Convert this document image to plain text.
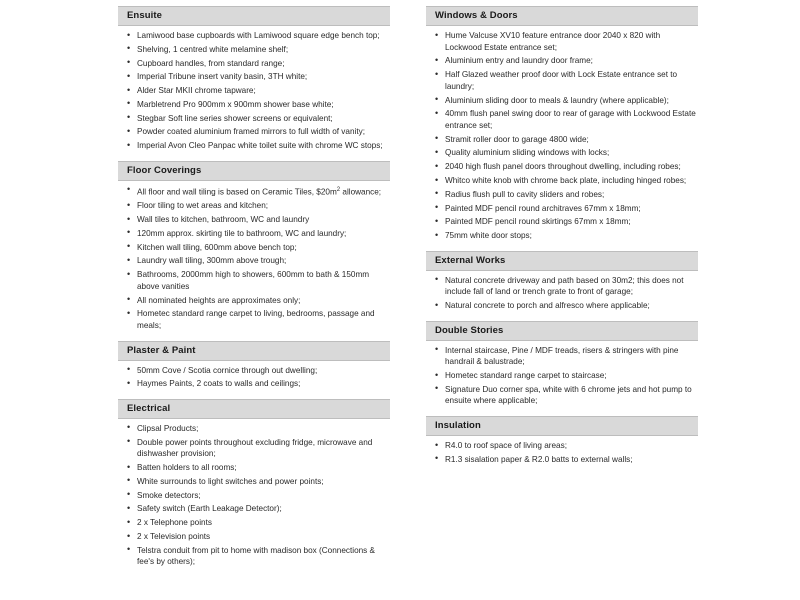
Ensuite
• Lamiwood base cupboards with Lamiwood square edge bench top;
• Shelving, 1 centred white melamine shelf;
• Cupboard handles, from standard range;
• Imperial Tribune insert vanity basin, 3TH white;
• Alder Star MKII chrome tapware;
• Marbletrend Pro 900mm x 900mm shower base white;
• Stegbar Soft line series shower screens or equivalent;
• Powder coated aluminium framed mirrors to full width of vanity;
• Imperial Avon Cleo Panpac white toilet suite with chrome WC stops;
Floor Coverings
• All floor and wall tiling is based on Ceramic Tiles, $\$20m^2$ allowance;
• Floor tiling to wet areas and kitchen;
• Wall tiles to kitchen, bathroom, WC and laundry
• 120mm approx. skirting tile to bathroom, WC and laundry;
• Kitchen wall tiling, 600mm above bench top;
• Laundry wall tiling, 300mm above trough;
• Bathrooms, 2000mm high to showers, 600mm to bath & 150mm above vanities
• All nominated heights are approximates only;
• Hometec standard range carpet to living, bedrooms, passage and meals;
Plaster & Paint
• 50mm Cove / Scotia cornice through out dwelling;
• Haymes Paints, 2 coats to walls and ceilings;
Electrical
• Clipsal Products;
• Double power points throughout excluding fridge, microwave and dishwasher provision;
• Batten holders to all rooms;
• White surrounds to light switches and power points;
• Smoke detectors;
• Safety switch (Earth Leakage Detector);
• 2 x Telephone points
• 2 x Television points
• Telstra conduit from pit to home with madison box (Connections & fee's by others);
Windows & Doors
• Hume Valcuse XV10 feature entrance door 2040 x 820 with Lockwood Estate entrance set;
• Aluminium entry and laundry door frame;
• Half Glazed weather proof door with Lock Estate entrance set to laundry;
• Aluminium sliding door to meals & laundry (where applicable);
• 40mm flush panel swing door to rear of garage with Lockwood Estate entrance set;
• Stramit roller door to garage 4800 wide;
• Quality aluminium sliding windows with locks;
• 2040 high flush panel doors throughout dwelling, including robes;
• Whitco white knob with chrome back plate, including hinged robes;
• Radius flush pull to cavity sliders and robes;
• Painted MDF pencil round architraves 67mm x 18mm;
• Painted MDF pencil round skirtings 67mm x 18mm;
• 75mm white door stops;
External Works
• Natural concrete driveway and path based on 30m2; this does not include fall of land or trench grate to front of garage;
• Natural concrete to porch and alfresco where applicable;
Double Stories
• Internal staircase, Pine / MDF treads, risers & stringers with pine handrail & balustrade;
• Hometec standard range carpet to staircase;
• Signature Duo corner spa, white with 6 chrome jets and hot pump to ensuite where applicable;
Insulation
• R4.0 to roof space of living areas;
• R1.3 sisalation paper & R2.0 batts to external walls;
